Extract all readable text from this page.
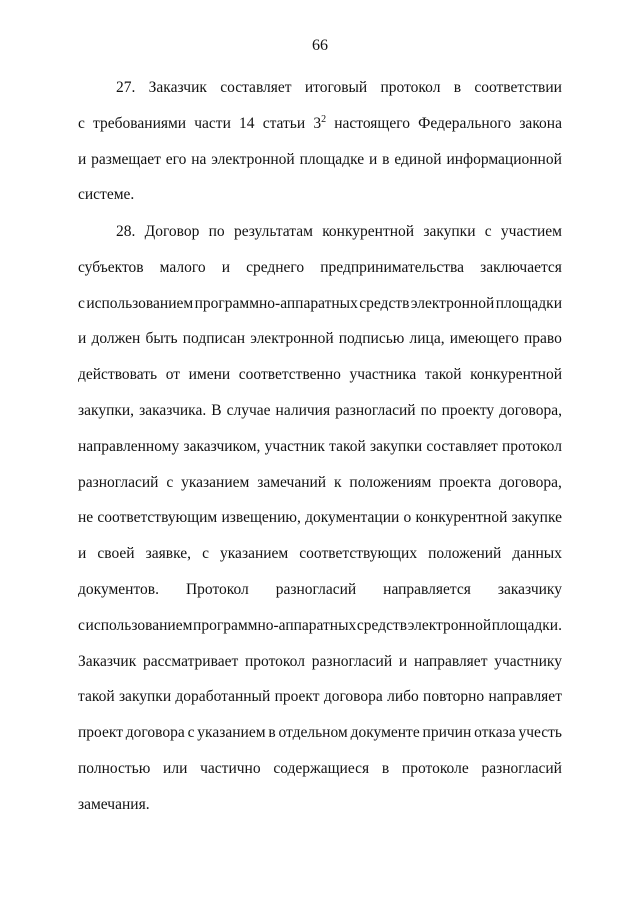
66
27. Заказчик составляет итоговый протокол в соответствии
с требованиями части 14 статьи $3^2$ настоящего Федерального закона
и размещает его на электронной площадке и в единой информационной
системе.
28. Договор по результатам конкурентной закупки с участием
субъектов малого и среднего предпринимательства заключается
с использованием программно-аппаратных средств электронной площадки
и должен быть подписан электронной подписью лица, имеющего право
действовать от имени соответственно участника такой конкурентной
закупки, заказчика. В случае наличия разногласий по проекту договора,
направленному заказчиком, участник такой закупки составляет протокол
разногласий с указанием замечаний к положениям проекта договора,
не соответствующим извещению, документации о конкурентной закупке
и своей заявке, с указанием соответствующих положений данных
документов. Протокол разногласий направляется заказчику
с использованием программно-аппаратных средств электронной площадки.
Заказчик рассматривает протокол разногласий и направляет участнику
такой закупки доработанный проект договора либо повторно направляет
проект договора с указанием в отдельном документе причин отказа учесть
полностью или частично содержащиеся в протоколе разногласий
замечания.
